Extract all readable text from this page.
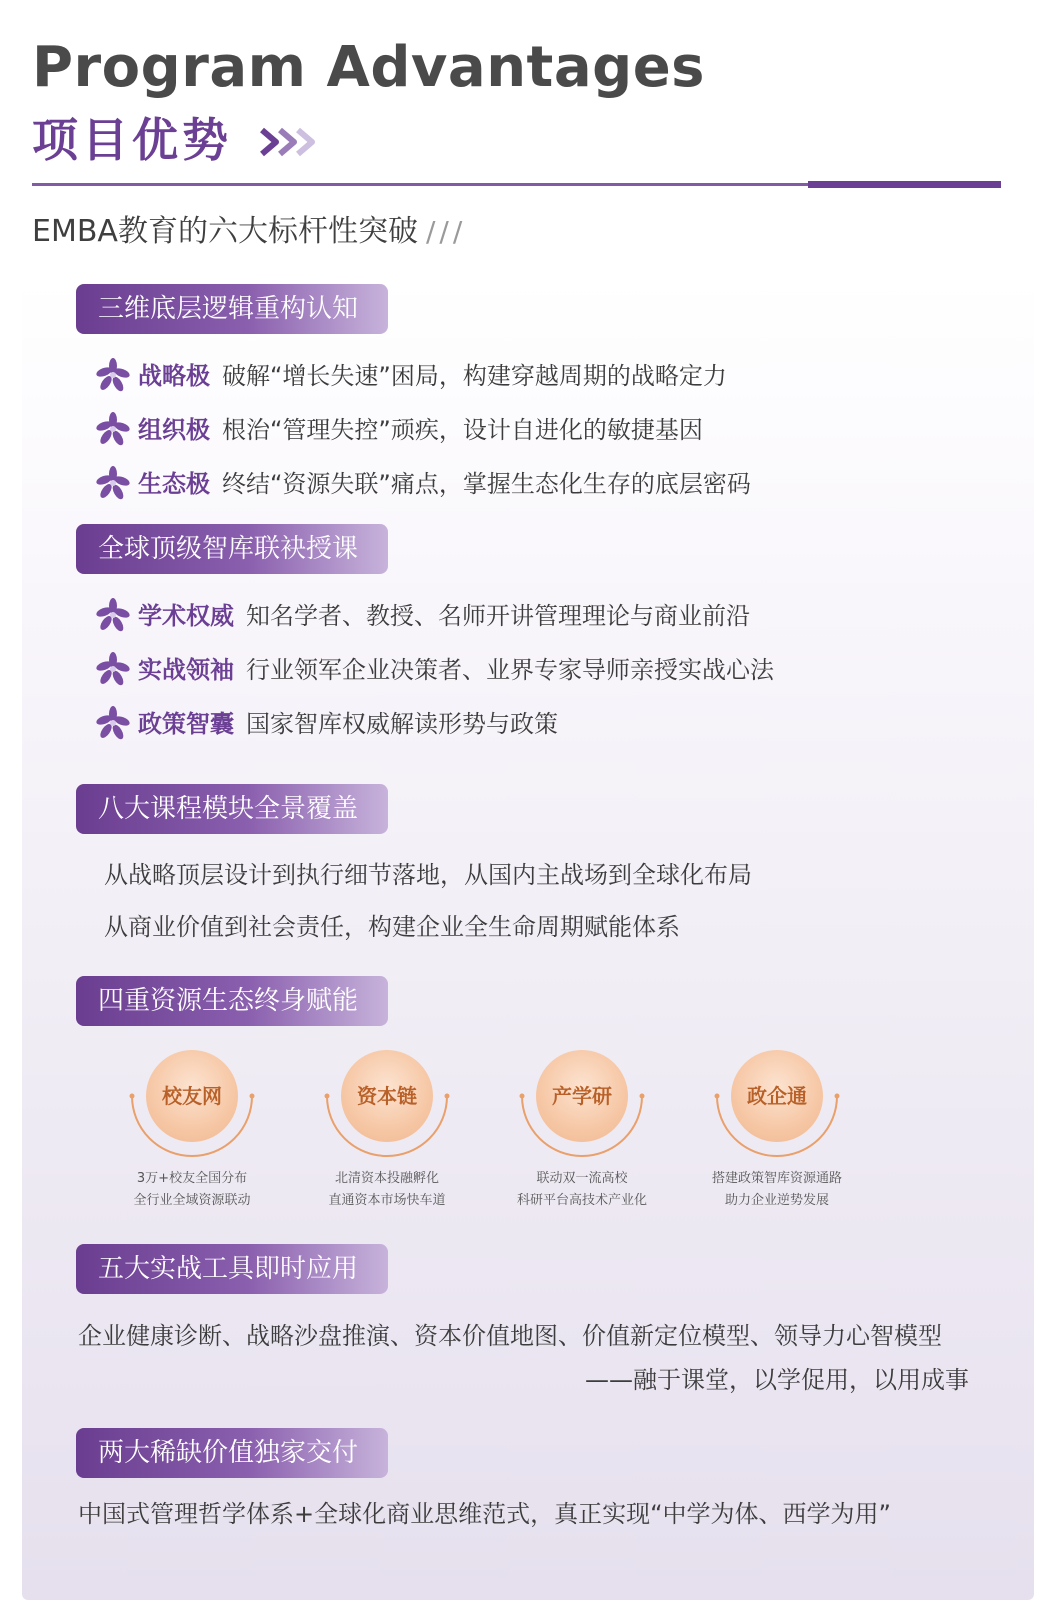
Program Advantages
项目优势
EMBA教育的六大标杆性突破 ///
三维底层逻辑重构认知
战略极 破解“增长失速”困局，构建穿越周期的战略定力
组织极 根治“管理失控”顽疾，设计自进化的敏捷基因
生态极 终结“资源失联”痛点，掌握生态化生存的底层密码
全球顶级智库联袂授课
学术权威 知名学者、教授、名师开讲管理理论与商业前沿
实战领袖 行业领军企业决策者、业界专家导师亲授实战心法
政策智囊 国家智库权威解读形势与政策
八大课程模块全景覆盖
从战略顶层设计到执行细节落地，从国内主战场到全球化布局
从商业价值到社会责任，构建企业全生命周期赋能体系
四重资源生态终身赋能
校友网
3万+校友全国分布
全行业全域资源联动
资本链
北清资本投融孵化
直通资本市场快车道
产学研
联动双一流高校
科研平台高技术产业化
政企通
搭建政策智库资源通路
助力企业逆势发展
五大实战工具即时应用
企业健康诊断、战略沙盘推演、资本价值地图、价值新定位模型、领导力心智模型
——融于课堂，以学促用，以用成事
两大稀缺价值独家交付
中国式管理哲学体系+全球化商业思维范式，真正实现“中学为体、西学为用”
